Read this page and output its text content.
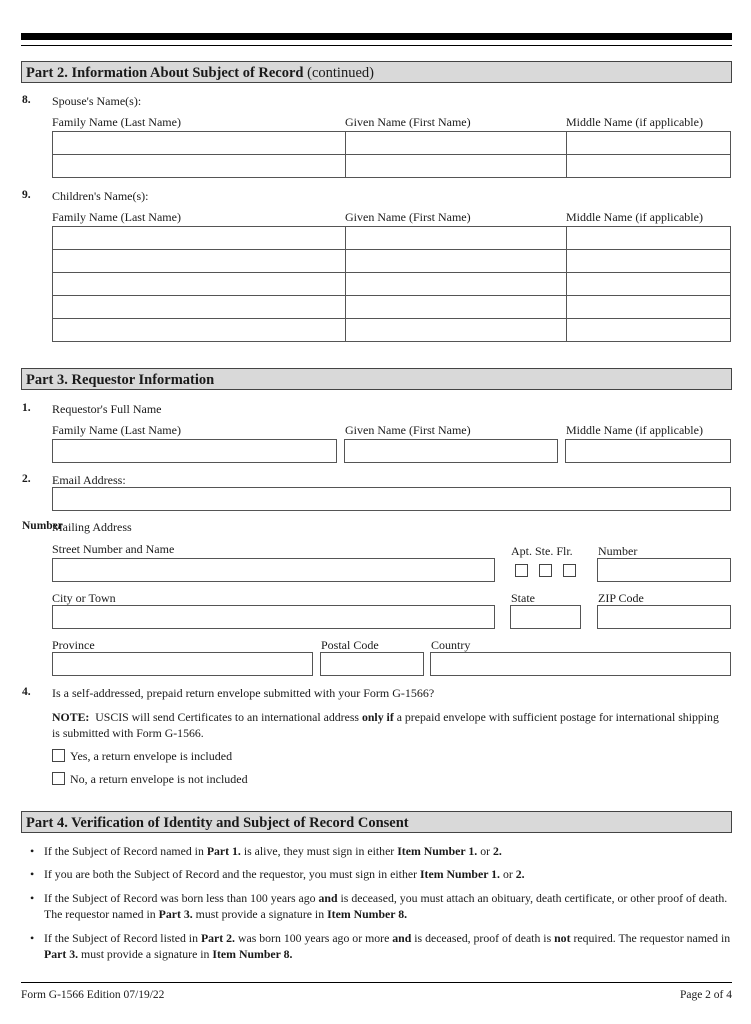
Part 2. Information About Subject of Record (continued)
8. Spouse's Name(s):
Family Name (Last Name)	Given Name (First Name)	Middle Name (if applicable)

9. Children's Name(s):
Family Name (Last Name)	Given Name (First Name)	Middle Name (if applicable)

Part 3. Requestor Information
1. Requestor's Full Name
Family Name (Last Name)	Given Name (First Name)	Middle Name (if applicable)
2. Email Address:
Number
Mailing Address
Street Number and Name	Apt. Ste. Flr. Number
City or Town	State	ZIP Code
Province	Postal Code	Country
4. Is a self-addressed, prepaid return envelope submitted with your Form G-1566?
NOTE:  USCIS will send Certificates to an international address only if a prepaid envelope with sufficient postage for international shipping is submitted with Form G-1566.
Yes, a return envelope is included
No, a return envelope is not included
Part 4. Verification of Identity and Subject of Record Consent
• If the Subject of Record named in Part 1. is alive, they must sign in either Item Number 1. or 2.
• If you are both the Subject of Record and the requestor, you must sign in either Item Number 1. or 2.
• If the Subject of Record was born less than 100 years ago and is deceased, you must attach an obituary, death certificate, or other proof of death. The requestor named in Part 3. must provide a signature in Item Number 8.
• If the Subject of Record listed in Part 2. was born 100 years ago or more and is deceased, proof of death is not required. The requestor named in Part 3. must provide a signature in Item Number 8.
Form G-1566 Edition 07/19/22	Page 2 of 4
